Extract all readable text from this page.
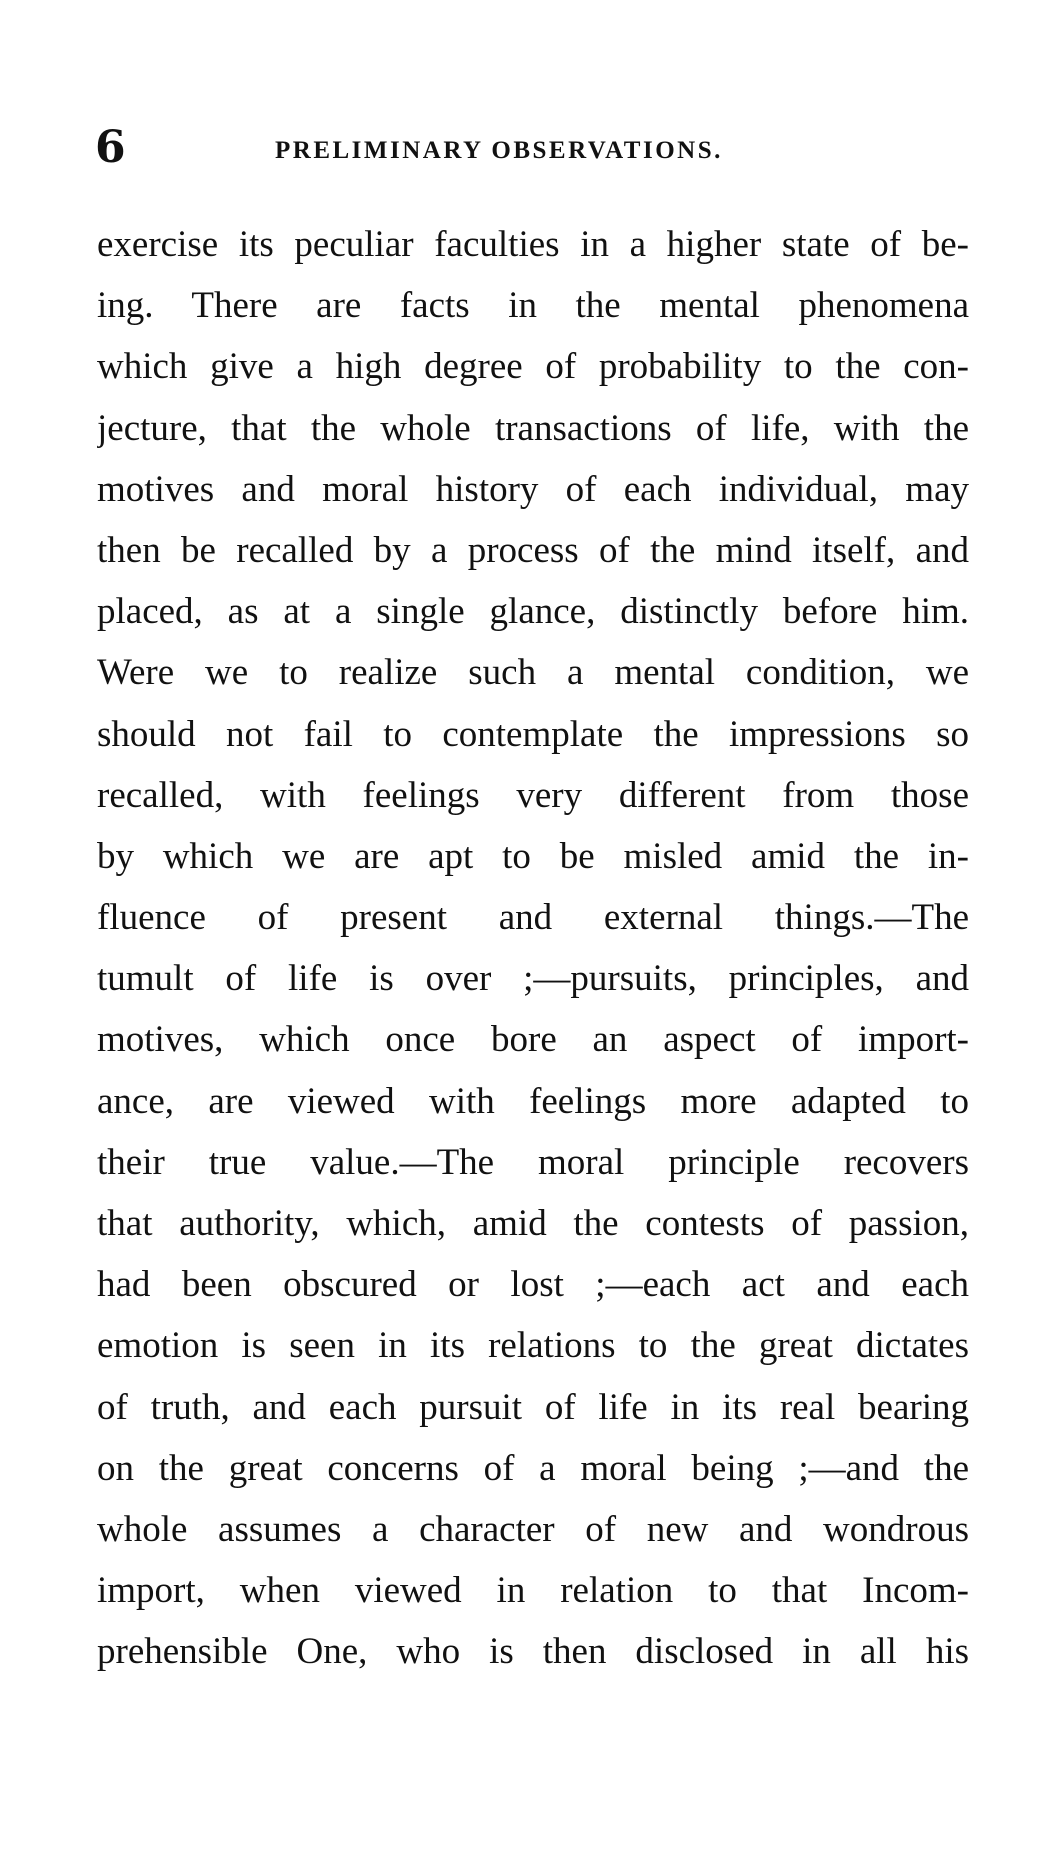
6	PRELIMINARY OBSERVATIONS.
exercise its peculiar faculties in a higher state of be-
ing. There are facts in the mental phenomena
which give a high degree of probability to the con-
jecture, that the whole transactions of life, with the
motives and moral history of each individual, may
then be recalled by a process of the mind itself, and
placed, as at a single glance, distinctly before him.
Were we to realize such a mental condition, we
should not fail to contemplate the impressions so
recalled, with feelings very different from those
by which we are apt to be misled amid the in-
fluence of present and external things.—The
tumult of life is over ;—pursuits, principles, and
motives, which once bore an aspect of import-
ance, are viewed with feelings more adapted to
their true value.—The moral principle recovers
that authority, which, amid the contests of passion,
had been obscured or lost ;—each act and each
emotion is seen in its relations to the great dictates
of truth, and each pursuit of life in its real bearing
on the great concerns of a moral being ;—and the
whole assumes a character of new and wondrous
import, when viewed in relation to that Incom-
prehensible One, who is then disclosed in all his
